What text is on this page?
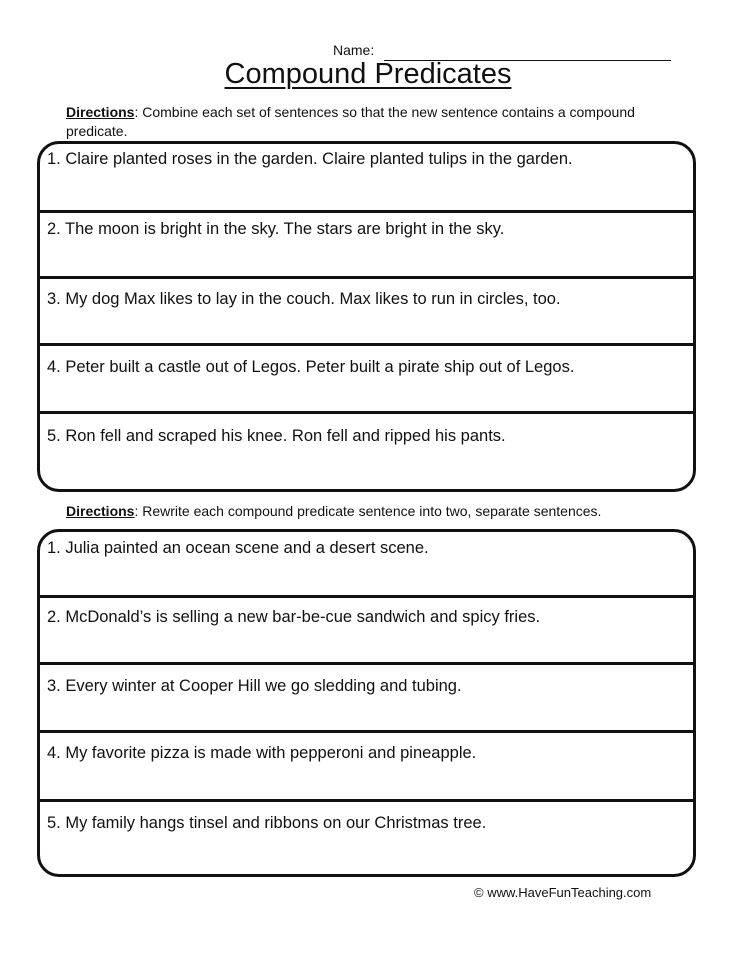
Name:
Compound Predicates
Directions: Combine each set of sentences so that the new sentence contains a compound predicate.
1. Claire planted roses in the garden. Claire planted tulips in the garden.
2. The moon is bright in the sky. The stars are bright in the sky.
3. My dog Max likes to lay in the couch. Max likes to run in circles, too.
4. Peter built a castle out of Legos. Peter built a pirate ship out of Legos.
5. Ron fell and scraped his knee. Ron fell and ripped his pants.
Directions: Rewrite each compound predicate sentence into two, separate sentences.
1. Julia painted an ocean scene and a desert scene.
2. McDonald’s is selling a new bar-be-cue sandwich and spicy fries.
3. Every winter at Cooper Hill we go sledding and tubing.
4. My favorite pizza is made with pepperoni and pineapple.
5. My family hangs tinsel and ribbons on our Christmas tree.
© www.HaveFunTeaching.com
